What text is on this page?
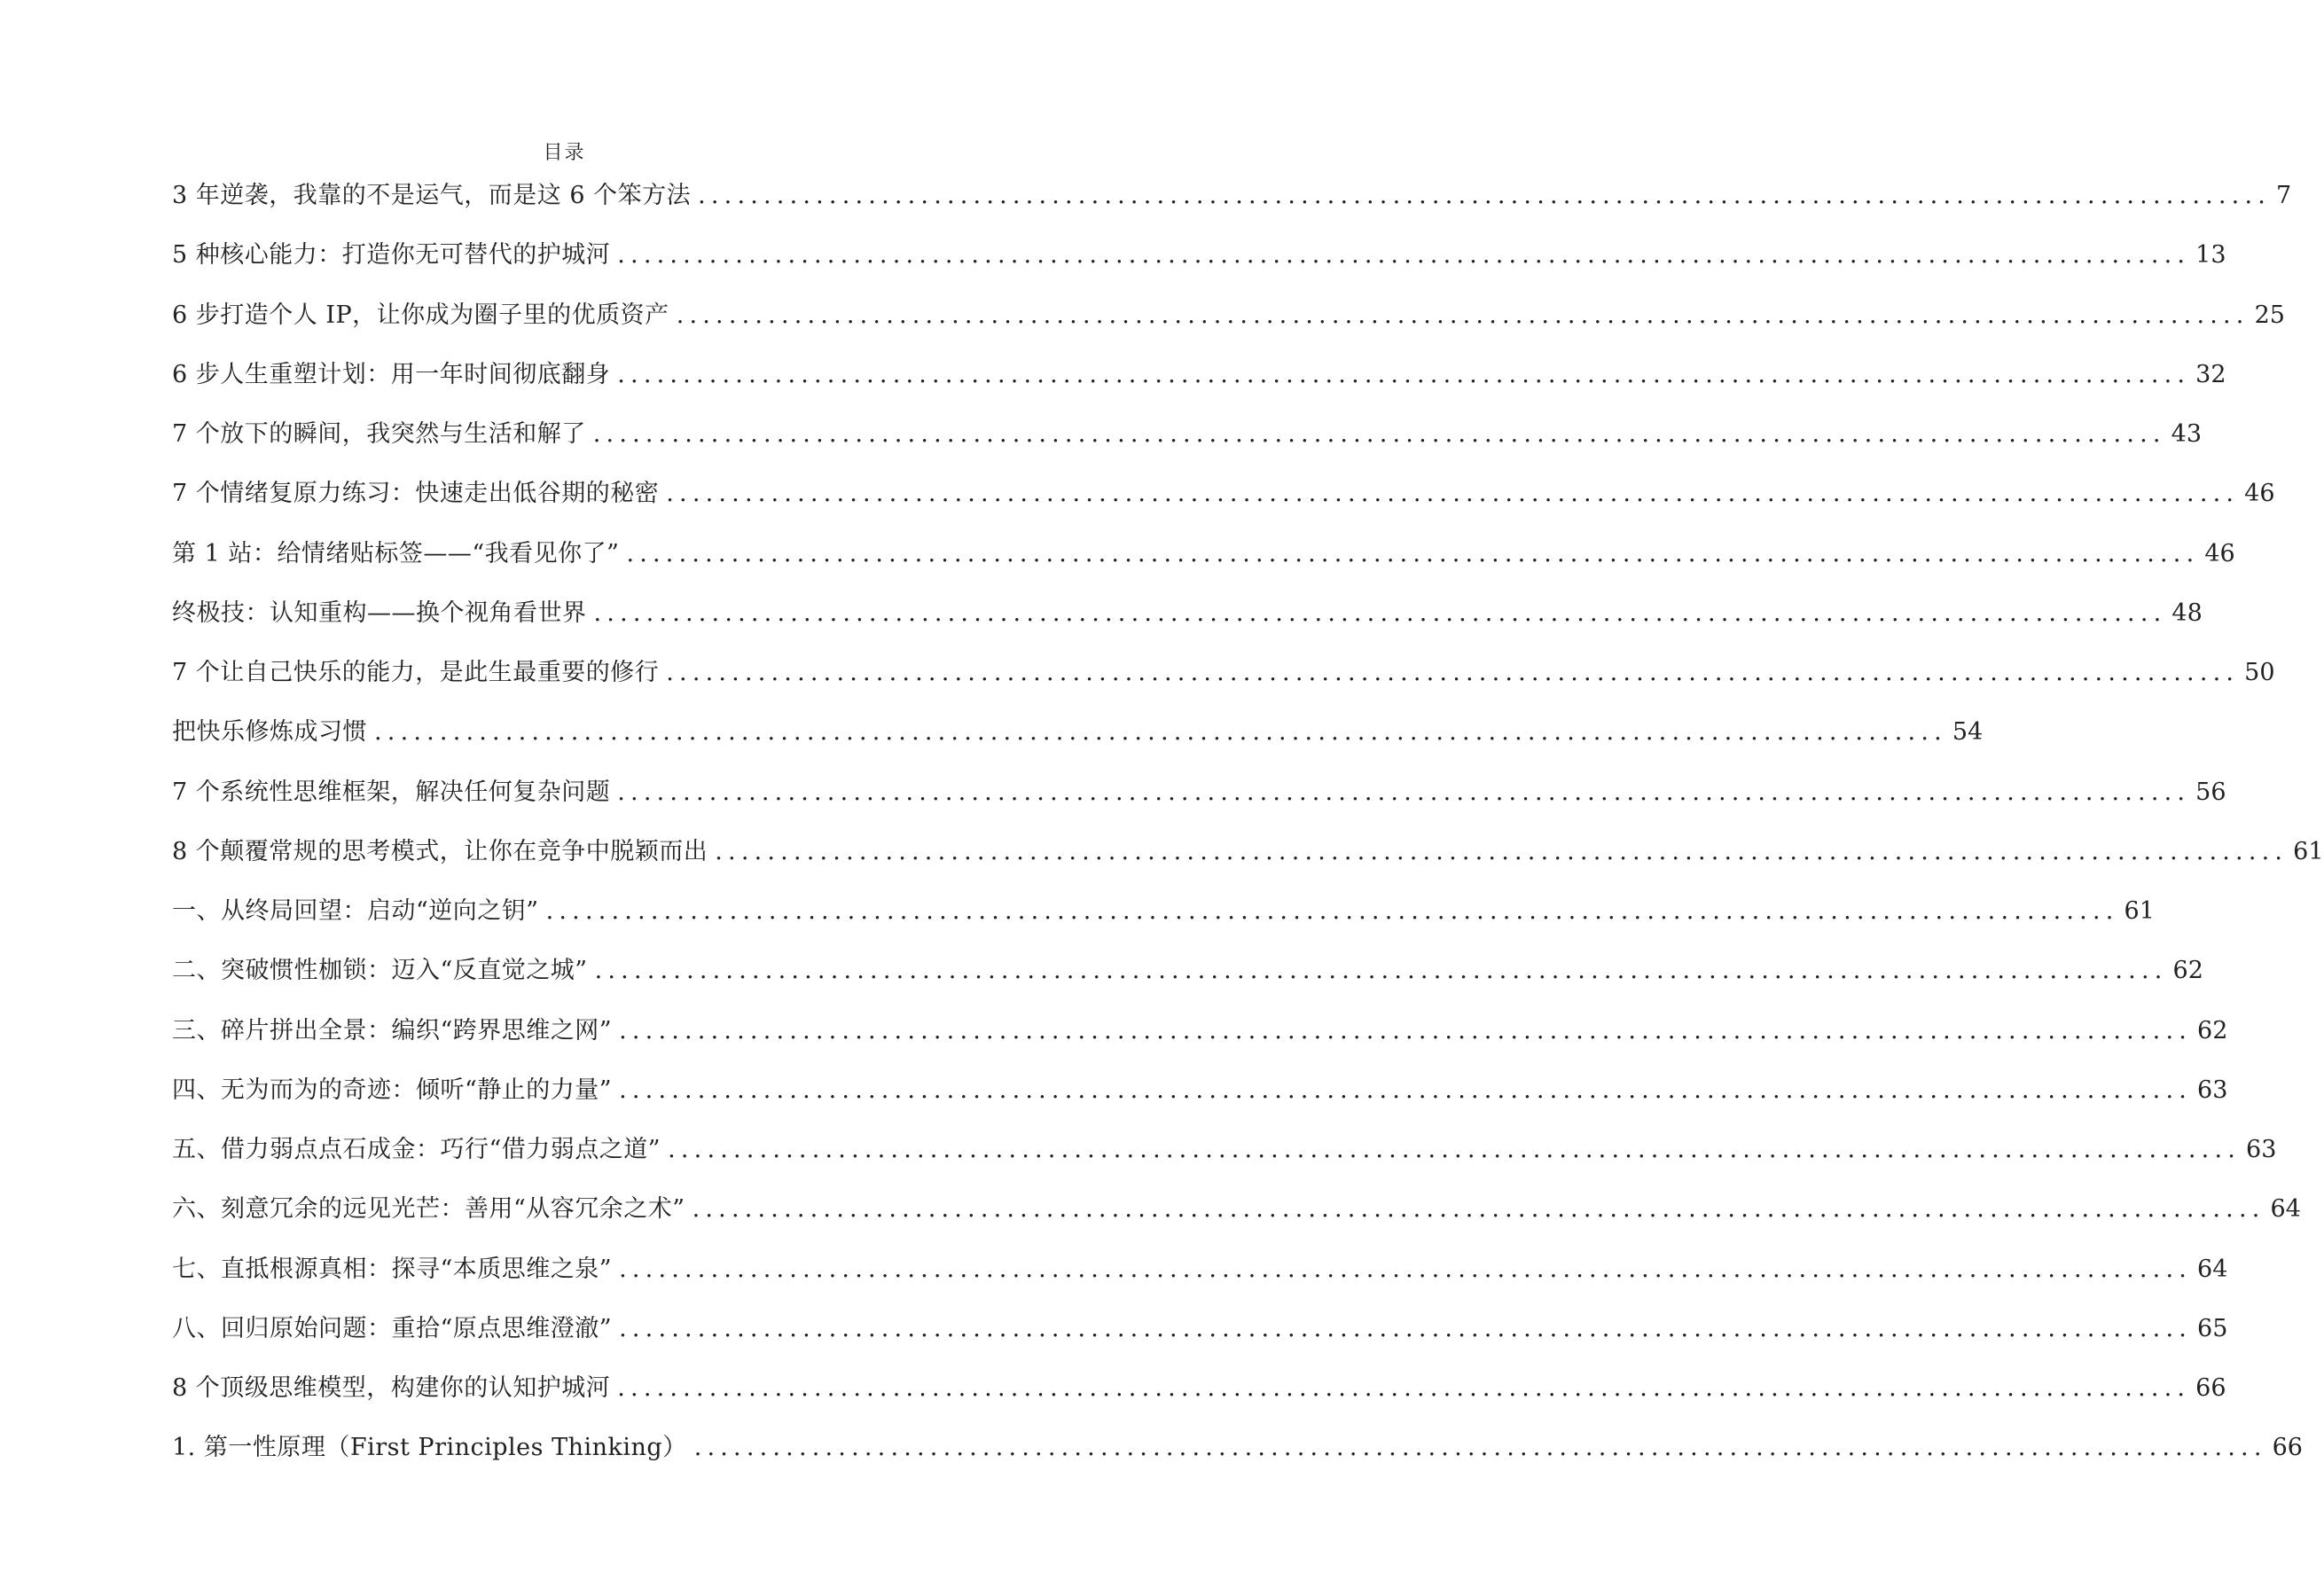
目录
3 年逆袭，我靠的不是运气，而是这 6 个笨方法 ........................................................................................................................ 7
5 种核心能力：打造你无可替代的护城河 ........................................................................................................................ 13
6 步打造个人 IP，让你成为圈子里的优质资产 ........................................................................................................................ 25
6 步人生重塑计划：用一年时间彻底翻身 ........................................................................................................................ 32
7 个放下的瞬间，我突然与生活和解了 ........................................................................................................................ 43
7 个情绪复原力练习：快速走出低谷期的秘密 ........................................................................................................................ 46
第 1 站：给情绪贴标签——“我看见你了” ........................................................................................................................ 46
终极技：认知重构——换个视角看世界 ........................................................................................................................ 48
7 个让自己快乐的能力，是此生最重要的修行 ........................................................................................................................ 50
把快乐修炼成习惯 ........................................................................................................................ 54
7 个系统性思维框架，解决任何复杂问题 ........................................................................................................................ 56
8 个颠覆常规的思考模式，让你在竞争中脱颖而出 ........................................................................................................................ 61
一、从终局回望：启动“逆向之钥” ........................................................................................................................ 61
二、突破惯性枷锁：迈入“反直觉之城” ........................................................................................................................ 62
三、碎片拼出全景：编织“跨界思维之网” ........................................................................................................................ 62
四、无为而为的奇迹：倾听“静止的力量” ........................................................................................................................ 63
五、借力弱点点石成金：巧行“借力弱点之道” ........................................................................................................................ 63
六、刻意冗余的远见光芒：善用“从容冗余之术” ........................................................................................................................ 64
七、直抵根源真相：探寻“本质思维之泉” ........................................................................................................................ 64
八、回归原始问题：重拾“原点思维澄澈” ........................................................................................................................ 65
8 个顶级思维模型，构建你的认知护城河 ........................................................................................................................ 66
1. 第一性原理（First Principles Thinking） ........................................................................................................................ 66
